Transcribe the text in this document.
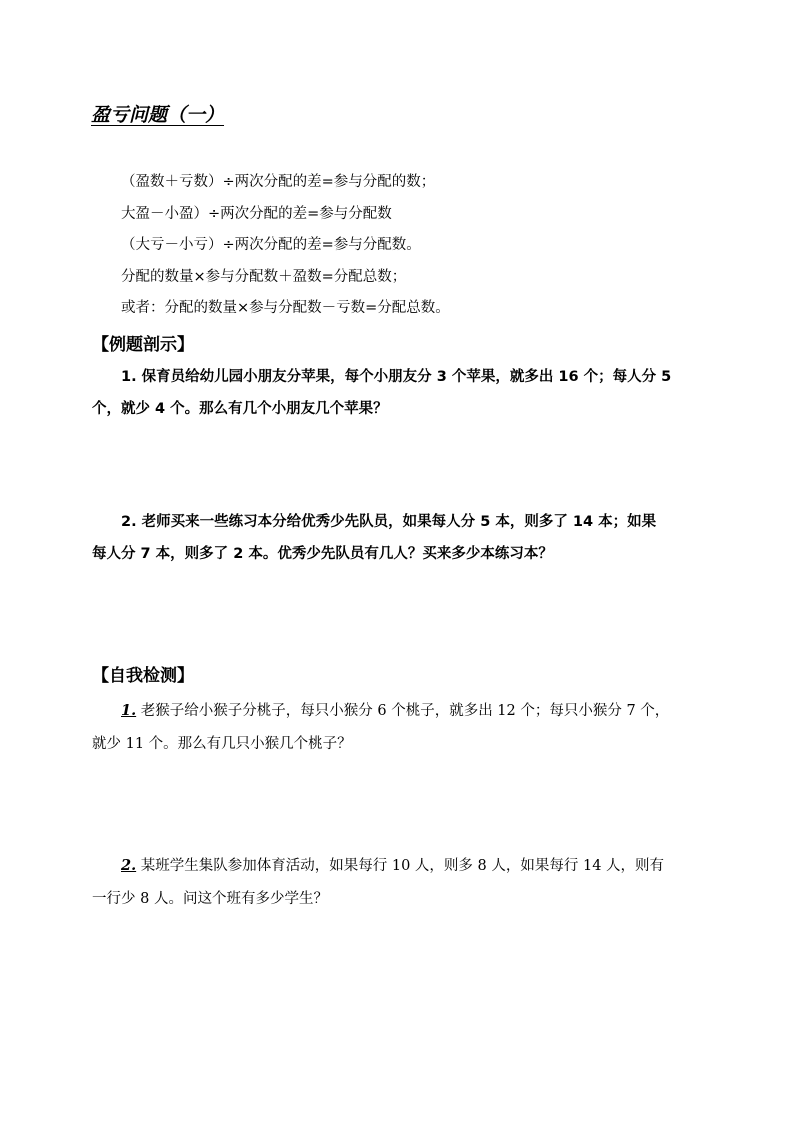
盈亏问题（一）
（盈数＋亏数）÷两次分配的差=参与分配的数；
大盈－小盈）÷两次分配的差=参与分配数
（大亏－小亏）÷两次分配的差=参与分配数。
分配的数量×参与分配数＋盈数=分配总数；
或者：分配的数量×参与分配数－亏数=分配总数。
【例题剖示】
1. 保育员给幼儿园小朋友分苹果，每个小朋友分 3 个苹果，就多出 16 个；每人分 5
个，就少 4 个。那么有几个小朋友几个苹果？
2. 老师买来一些练习本分给优秀少先队员，如果每人分 5 本，则多了 14 本；如果
每人分 7 本，则多了 2 本。优秀少先队员有几人？买来多少本练习本？
【自我检测】
1. 老猴子给小猴子分桃子，每只小猴分 6 个桃子，就多出 12 个；每只小猴分 7 个，
就少 11 个。那么有几只小猴几个桃子？
2. 某班学生集队参加体育活动，如果每行 10 人，则多 8 人，如果每行 14 人，则有
一行少 8 人。问这个班有多少学生？
